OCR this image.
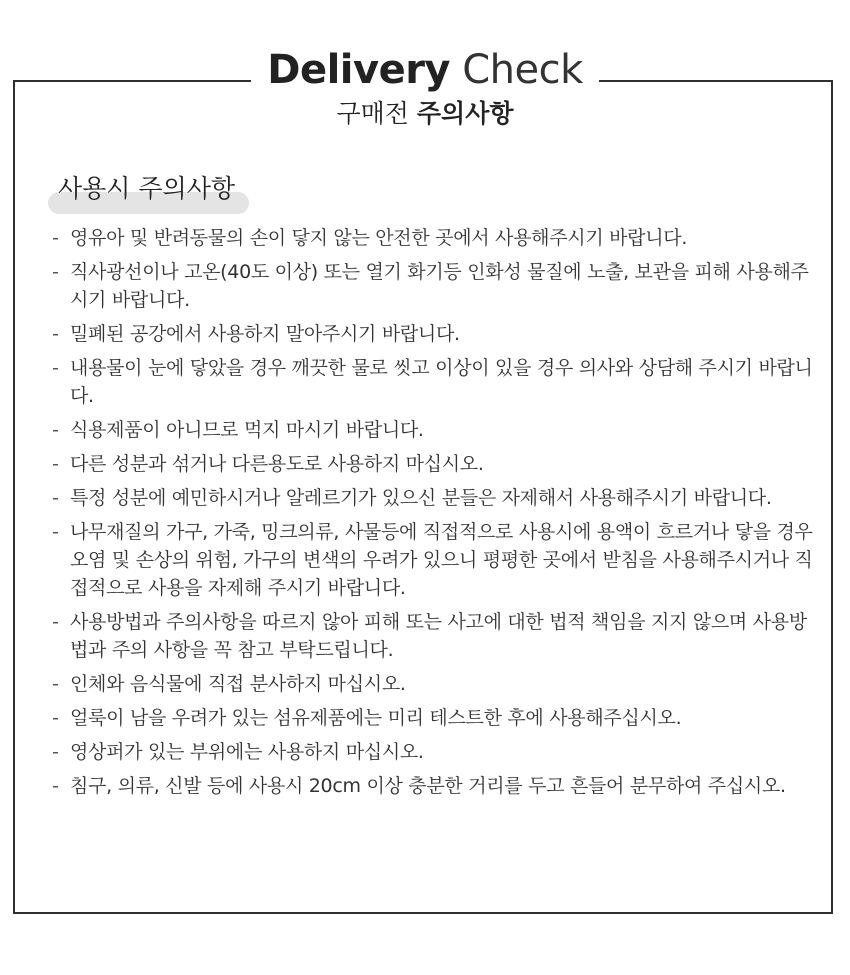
Delivery Check
구매전 주의사항
사용시 주의사항
- 영유아 및 반려동물의 손이 닿지 않는 안전한 곳에서 사용해주시기 바랍니다.
- 직사광선이나 고온(40도 이상) 또는 열기 화기등 인화성 물질에 노출, 보관을 피해 사용해주시기 바랍니다.
- 밀폐된 공강에서 사용하지 말아주시기 바랍니다.
- 내용물이 눈에 닿았을 경우 깨끗한 물로 씻고 이상이 있을 경우 의사와 상담해 주시기 바랍니다.
- 식용제품이 아니므로 먹지 마시기 바랍니다.
- 다른 성분과 섞거나 다른용도로 사용하지 마십시오.
- 특정 성분에 예민하시거나 알레르기가 있으신 분들은 자제해서 사용해주시기 바랍니다.
- 나무재질의 가구, 가죽, 밍크의류, 사물등에 직접적으로 사용시에 용액이 흐르거나 닿을 경우 오염 및 손상의 위험, 가구의 변색의 우려가 있으니 평평한 곳에서 받침을 사용해주시거나 직접적으로 사용을 자제해 주시기 바랍니다.
- 사용방법과 주의사항을 따르지 않아 피해 또는 사고에 대한 법적 책임을 지지 않으며 사용방법과 주의 사항을 꼭 참고 부탁드립니다.
- 인체와 음식물에 직접 분사하지 마십시오.
- 얼룩이 남을 우려가 있는 섬유제품에는 미리 테스트한 후에 사용해주십시오.
- 영상퍼가 있는 부위에는 사용하지 마십시오.
- 침구, 의류, 신발 등에 사용시 20cm 이상 충분한 거리를 두고 흔들어 분무하여 주십시오.
